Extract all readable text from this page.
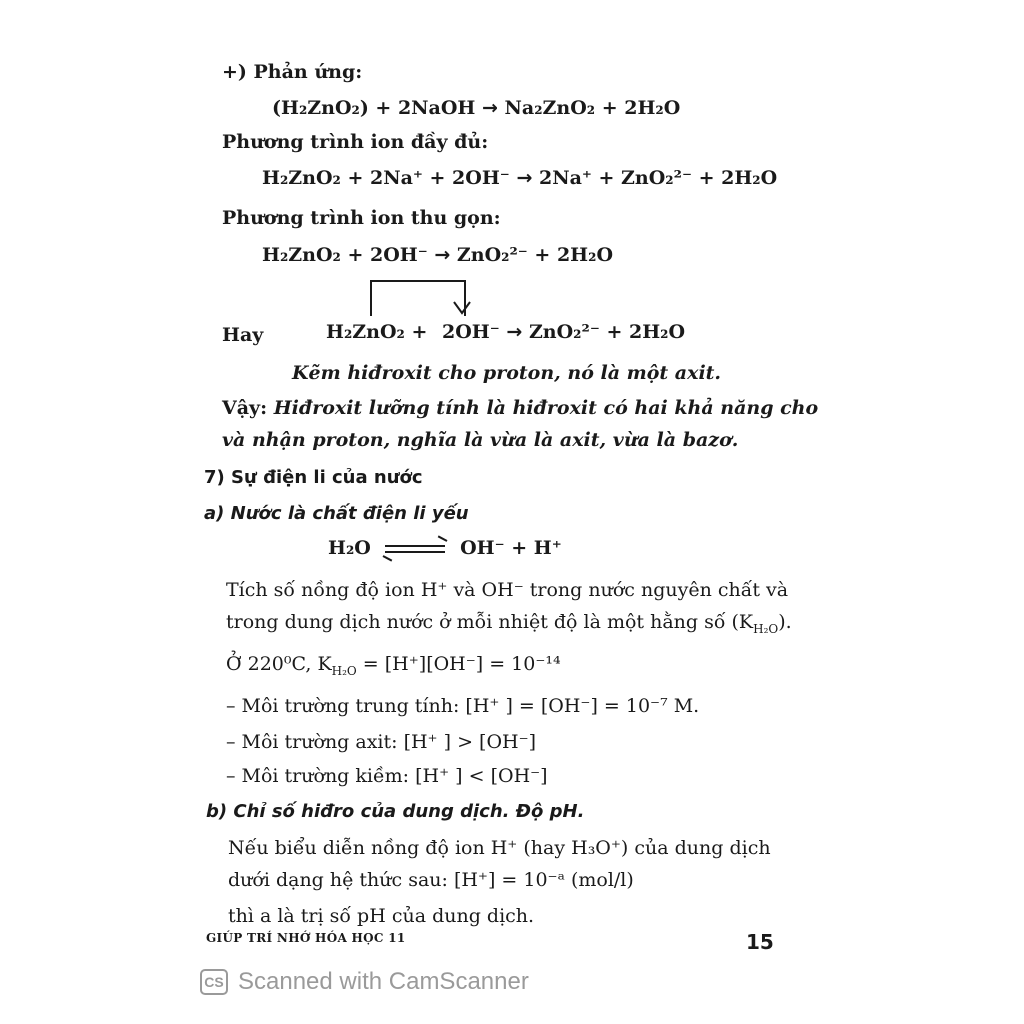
+) Phản ứng:
(H₂ZnO₂) + 2NaOH → Na₂ZnO₂ + 2H₂O
Phương trình ion đầy đủ:
H₂ZnO₂ + 2Na⁺ + 2OH⁻ → 2Na⁺ + ZnO₂²⁻ + 2H₂O
Phương trình ion thu gọn:
H₂ZnO₂ + 2OH⁻ → ZnO₂²⁻ + 2H₂O
Hay	H₂ZnO₂ + 2OH⁻ → ZnO₂²⁻ + 2H₂O
Kẽm hiđroxit cho proton, nó là một axit.
Vậy: Hiđroxit lưỡng tính là hiđroxit có hai khả năng cho
và nhận proton, nghĩa là vừa là axit, vừa là bazơ.
7) Sự điện li của nước
a) Nước là chất điện li yếu
H₂O ⇌ OH⁻ + H⁺
Tích số nồng độ ion H⁺ và OH⁻ trong nước nguyên chất và
trong dung dịch nước ở mỗi nhiệt độ là một hằng số $(K_{H_2O})$.
Ở 220⁰C, $K_{H_2O} = [H^+][OH^-] = 10^{-14}$
– Môi trường trung tính: [H⁺ ] = [OH⁻] = 10⁻⁷ M.
– Môi trường axit: [H⁺ ] > [OH⁻]
– Môi trường kiềm: [H⁺ ] < [OH⁻]
b) Chỉ số hiđro của dung dịch. Độ pH.
Nếu biểu diễn nồng độ ion H⁺ (hay H₃O⁺) của dung dịch
dưới dạng hệ thức sau: [H⁺] = 10⁻ᵃ (mol/l)
thì a là trị số pH của dung dịch.
GIÚP TRÍ NHỚ HÓA HỌC 11	15
CS Scanned with CamScanner
